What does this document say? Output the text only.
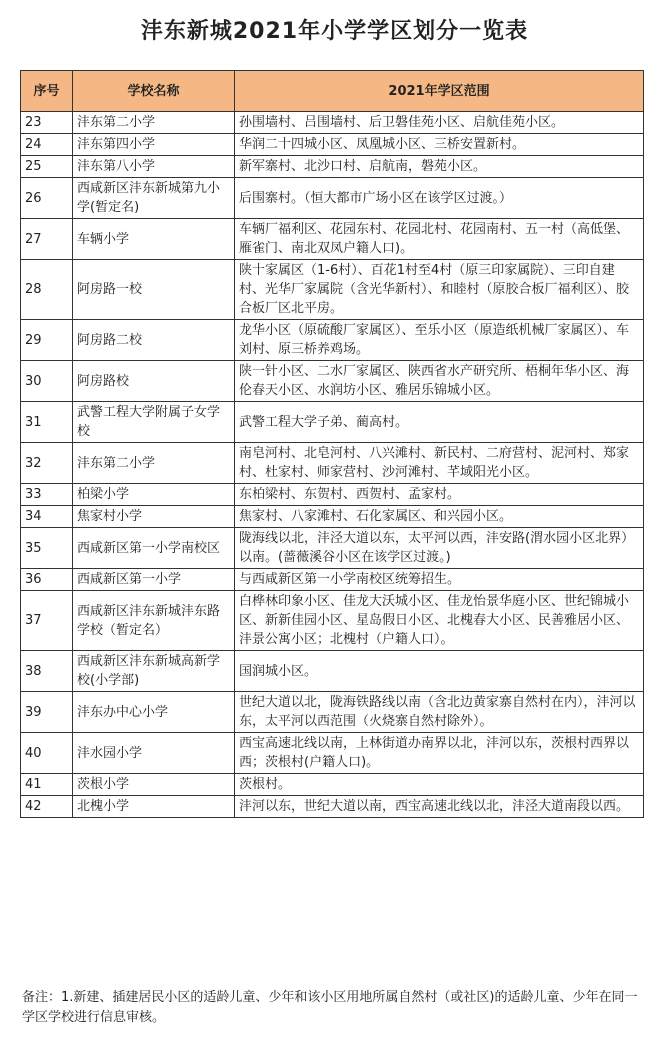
沣东新城2021年小学学区划分一览表
序号	学校名称	2021年学区范围
23	沣东第二小学	孙围墙村、吕围墙村、后卫磐佳苑小区、启航佳苑小区。
24	沣东第四小学	华润二十四城小区、凤凰城小区、三桥安置新村。
25	沣东第八小学	新军寨村、北沙口村、启航南，磐苑小区。
26	西咸新区沣东新城第九小学(暂定名)	后围寨村。（恒大都市广场小区在该学区过渡。）
27	车辆小学	车辆厂福利区、花园东村、花园北村、花园南村、五一村（高低堡、雁雀门、南北双凤户籍人口)。
28	阿房路一校	陕十家属区（1-6村）、百花1村至4村（原三印家属院）、三印自建村、光华厂家属院（含光华新村）、和睦村（原胶合板厂福利区）、胶合板厂区北平房。
29	阿房路二校	龙华小区（原硫酸厂家属区）、至乐小区（原造纸机械厂家属区）、车刘村、原三桥养鸡场。
30	阿房路校	陕一针小区、二水厂家属区、陕西省水产研究所、梧桐年华小区、海伦春天小区、水润坊小区、雅居乐锦城小区。
31	武警工程大学附属子女学校	武警工程大学子弟、蔺高村。
32	沣东第二小学	南皂河村、北皂河村、八兴滩村、新民村、二府营村、泥河村、郑家村、杜家村、师家营村、沙河滩村、芊域阳光小区。
33	柏梁小学	东柏梁村、东贺村、西贺村、孟家村。
34	焦家村小学	焦家村、八家滩村、石化家属区、和兴园小区。
35	西咸新区第一小学南校区	陇海线以北，沣泾大道以东，太平河以西，沣安路(渭水园小区北界）以南。(蔷薇溪谷小区在该学区过渡。)
36	西咸新区第一小学	与西咸新区第一小学南校区统筹招生。
37	西咸新区沣东新城沣东路学校（暂定名）	白桦林印象小区、佳龙大沃城小区、佳龙怡景华庭小区、世纪锦城小区、新新佳园小区、星岛假日小区、北槐春大小区、民善雅居小区、沣景公寓小区；北槐村（户籍人口）。
38	西咸新区沣东新城高新学校(小学部)	国润城小区。
39	沣东办中心小学	世纪大道以北，陇海铁路线以南（含北边黄家寨自然村在内），沣河以东，太平河以西范围（火烧寨自然村除外）。
40	沣水园小学	西宝高速北线以南，上林街道办南界以北，沣河以东，茨根村西界以西；茨根村(户籍人口)。
41	茨根小学	茨根村。
42	北槐小学	沣河以东，世纪大道以南，西宝高速北线以北，沣泾大道南段以西。
备注：1.新建、插建居民小区的适龄儿童、少年和该小区用地所属自然村（或社区)的适龄儿童、少年在同一学区学校进行信息审核。
